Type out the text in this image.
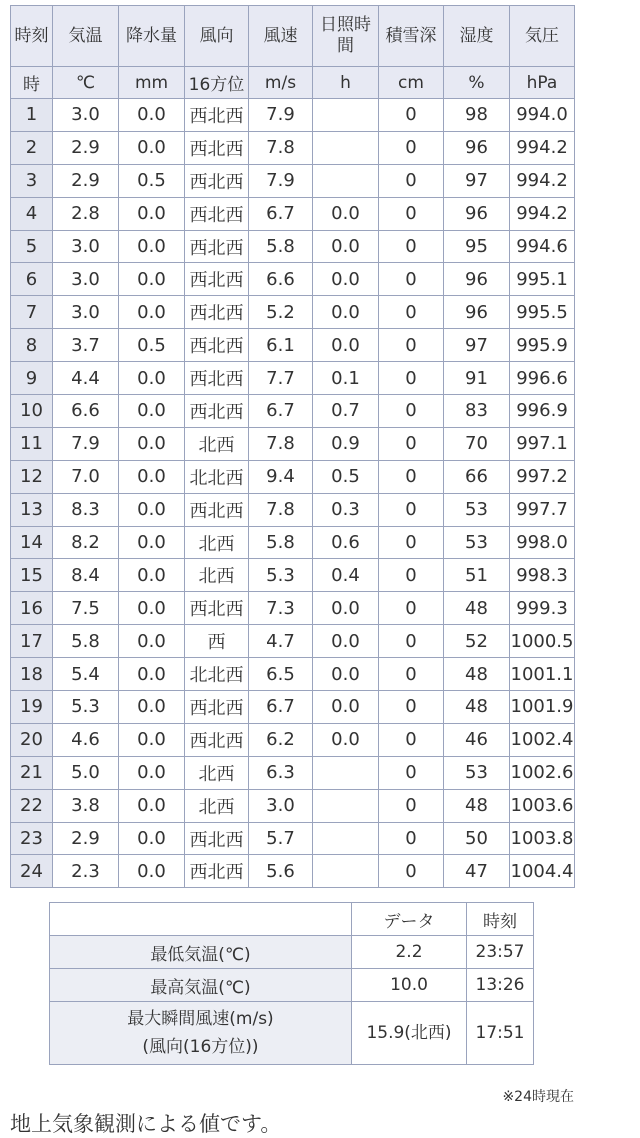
時刻	気温	降水量	風向	風速	日照時間	積雪深	湿度	気圧
時	℃	mm	16方位	m/s	h	cm	%	hPa
1	3.0	0.0	西北西	7.9		0	98	994.0
2	2.9	0.0	西北西	7.8		0	96	994.2
3	2.9	0.5	西北西	7.9		0	97	994.2
4	2.8	0.0	西北西	6.7	0.0	0	96	994.2
5	3.0	0.0	西北西	5.8	0.0	0	95	994.6
6	3.0	0.0	西北西	6.6	0.0	0	96	995.1
7	3.0	0.0	西北西	5.2	0.0	0	96	995.5
8	3.7	0.5	西北西	6.1	0.0	0	97	995.9
9	4.4	0.0	西北西	7.7	0.1	0	91	996.6
10	6.6	0.0	西北西	6.7	0.7	0	83	996.9
11	7.9	0.0	北西	7.8	0.9	0	70	997.1
12	7.0	0.0	北北西	9.4	0.5	0	66	997.2
13	8.3	0.0	西北西	7.8	0.3	0	53	997.7
14	8.2	0.0	北西	5.8	0.6	0	53	998.0
15	8.4	0.0	北西	5.3	0.4	0	51	998.3
16	7.5	0.0	西北西	7.3	0.0	0	48	999.3
17	5.8	0.0	西	4.7	0.0	0	52	1000.5
18	5.4	0.0	北北西	6.5	0.0	0	48	1001.1
19	5.3	0.0	西北西	6.7	0.0	0	48	1001.9
20	4.6	0.0	西北西	6.2	0.0	0	46	1002.4
21	5.0	0.0	北西	6.3		0	53	1002.6
22	3.8	0.0	北西	3.0		0	48	1003.6
23	2.9	0.0	西北西	5.7		0	50	1003.8
24	2.3	0.0	西北西	5.6		0	47	1004.4
	データ	時刻
最低気温(℃)	2.2	23:57
最高気温(℃)	10.0	13:26

最大瞬間風速(m/s)
(風向(16方位))	15.9(北西)	17:51
※24時現在
地上気象観測による値です。
